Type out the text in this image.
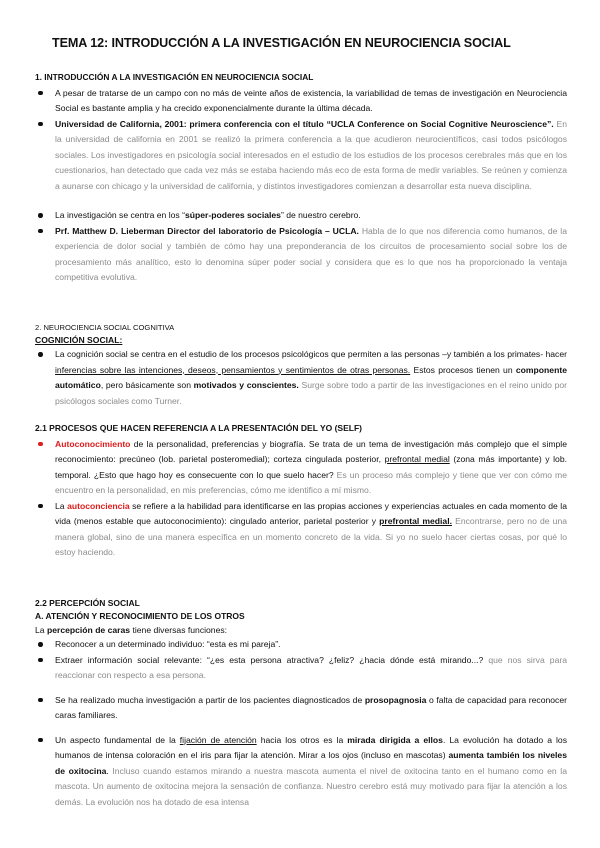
TEMA 12: INTRODUCCIÓN A LA INVESTIGACIÓN EN NEUROCIENCIA SOCIAL
1. INTRODUCCIÓN A LA INVESTIGACIÓN EN NEUROCIENCIA SOCIAL
A pesar de tratarse de un campo con no más de veinte años de existencia, la variabilidad de temas de investigación en Neurociencia Social es bastante amplia y ha crecido exponencialmente durante la última década.
Universidad de California, 2001: primera conferencia con el título “UCLA Conference on Social Cognitive Neuroscience”. En la universidad de california en 2001 se realizó la primera conferencia a la que acudieron neurocientíficos, casi todos psicólogos sociales. Los investigadores en psicología social interesados en el estudio de los estudios de los procesos cerebrales más que en los cuestionarios, han detectado que cada vez más se estaba haciendo más eco de esta forma de medir variables. Se reúnen y comienza a aunarse con chicago y la universidad de california, y distintos investigadores comienzan a desarrollar esta nueva disciplina.
La investigación se centra en los “súper-poderes sociales” de nuestro cerebro.
Prf. Matthew D. Lieberman Director del laboratorio de Psicología – UCLA. Habla de lo que nos diferencia como humanos, de la experiencia de dolor social y también de cómo hay una preponderancia de los circuitos de procesamiento social sobre los de procesamiento más analítico, esto lo denomina súper poder social y considera que es lo que nos ha proporcionado la ventaja competitiva evolutiva.
2. NEUROCIENCIA SOCIAL COGNITIVA
COGNICIÓN SOCIAL:
La cognición social se centra en el estudio de los procesos psicológicos que permiten a las personas –y también a los primates- hacer inferencias sobre las intenciones, deseos, pensamientos y sentimientos de otras personas. Estos procesos tienen un componente automático, pero básicamente son motivados y conscientes. Surge sobre todo a partir de las investigaciones en el reino unido por psicólogos sociales como Turner.
2.1 PROCESOS QUE HACEN REFERENCIA A LA PRESENTACIÓN DEL YO (SELF)
Autoconocimiento de la personalidad, preferencias y biografía. Se trata de un tema de investigación más complejo que el simple reconocimiento: precúneo (lob. parietal posteromedial); corteza cingulada posterior, prefrontal medial (zona más importante) y lob. temporal. ¿Esto que hago hoy es consecuente con lo que suelo hacer? Es un proceso más complejo y tiene que ver con cómo me encuentro en la personalidad, en mis preferencias, cómo me identifico a mí mismo.
La autoconciencia se refiere a la habilidad para identificarse en las propias acciones y experiencias actuales en cada momento de la vida (menos estable que autoconocimiento): cingulado anterior, parietal posterior y prefrontal medial. Encontrarse, pero no de una manera global, sino de una manera específica en un momento concreto de la vida. Si yo no suelo hacer ciertas cosas, por qué lo estoy haciendo.
2.2 PERCEPCIÓN SOCIAL
A. ATENCIÓN Y RECONOCIMIENTO DE LOS OTROS
La percepción de caras tiene diversas funciones:
Reconocer a un determinado individuo: “esta es mi pareja”.
Extraer información social relevante: “¿es esta persona atractiva? ¿feliz? ¿hacia dónde está mirando...? que nos sirva para reaccionar con respecto a esa persona.
Se ha realizado mucha investigación a partir de los pacientes diagnosticados de prosopagnosia o falta de capacidad para reconocer caras familiares.
Un aspecto fundamental de la fijación de atención hacia los otros es la mirada dirigida a ellos. La evolución ha dotado a los humanos de intensa coloración en el iris para fijar la atención. Mirar a los ojos (incluso en mascotas) aumenta también los niveles de oxitocina. Incluso cuando estamos mirando a nuestra mascota aumenta el nivel de oxitocina tanto en el humano como en la mascota. Un aumento de oxitocina mejora la sensación de confianza. Nuestro cerebro está muy motivado para fijar la atención a los demás. La evolución nos ha dotado de esa intensa
